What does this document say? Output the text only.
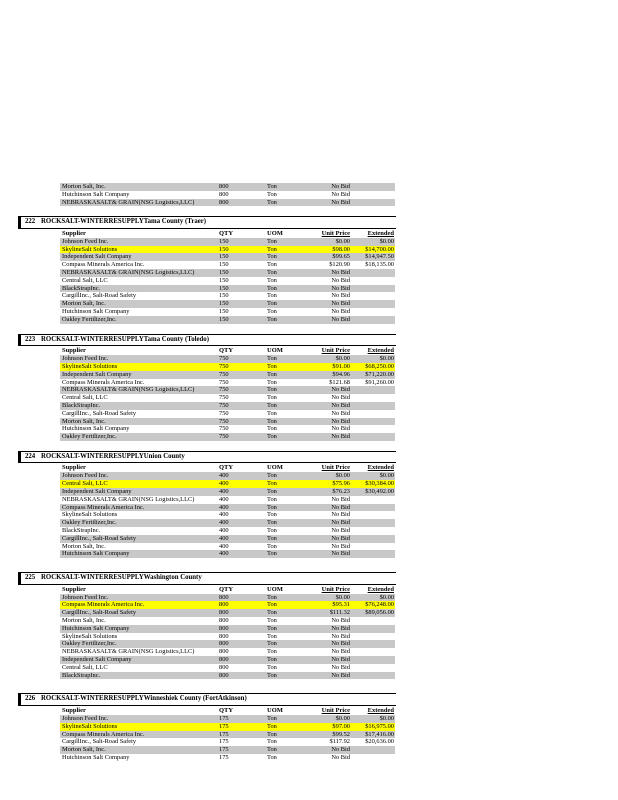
Morton Salt, Inc.	800	Ton	No Bid
Hutchinson Salt Company	800	Ton	No Bid
NEBRASKASALT& GRAIN(NSG Logistics,LLC)	800	Ton	No Bid
222 ROCKSALT-WINTERRESUPPLYTama County (Traer)
Supplier	QTY	UOM	Unit Price	Extended
Johnson Feed Inc.	150	Ton	$0.00	$0.00
SkylineSalt Solutions	150	Ton	$98.00	$14,700.00
Independent Salt Company	150	Ton	$99.65	$14,947.50
Compass Minerals America Inc.	150	Ton	$120.90	$18,135.00
NEBRASKASALT& GRAIN(NSG Logistics,LLC)	150	Ton	No Bid
Central Salt, LLC	150	Ton	No Bid
BlackStrapInc.	150	Ton	No Bid
CargillInc., Salt-Road Safety	150	Ton	No Bid
Morton Salt, Inc.	150	Ton	No Bid
Hutchinson Salt Company	150	Ton	No Bid
Oakley Fertilizer,Inc.	150	Ton	No Bid
223 ROCKSALT-WINTERRESUPPLYTama County (Toledo)
Supplier	QTY	UOM	Unit Price	Extended
Johnson Feed Inc.	750	Ton	$0.00	$0.00
SkylineSalt Solutions	750	Ton	$91.00	$68,250.00
Independent Salt Company	750	Ton	$94.96	$71,220.00
Compass Minerals America Inc.	750	Ton	$121.68	$91,260.00
NEBRASKASALT& GRAIN(NSG Logistics,LLC)	750	Ton	No Bid
Central Salt, LLC	750	Ton	No Bid
BlackStrapInc.	750	Ton	No Bid
CargillInc., Salt-Road Safety	750	Ton	No Bid
Morton Salt, Inc.	750	Ton	No Bid
Hutchinson Salt Company	750	Ton	No Bid
Oakley Fertilizer,Inc.	750	Ton	No Bid
224 ROCKSALT-WINTERRESUPPLYUnion County
Supplier	QTY	UOM	Unit Price	Extended
Johnson Feed Inc.	400	Ton	$0.00	$0.00
Central Salt, LLC	400	Ton	$75.96	$30,384.00
Independent Salt Company	400	Ton	$76.23	$30,492.00
NEBRASKASALT& GRAIN(NSG Logistics,LLC)	400	Ton	No Bid
Compass Minerals America Inc.	400	Ton	No Bid
SkylineSalt Solutions	400	Ton	No Bid
Oakley Fertilizer,Inc.	400	Ton	No Bid
BlackStrapInc.	400	Ton	No Bid
CargillInc., Salt-Road Safety	400	Ton	No Bid
Morton Salt, Inc.	400	Ton	No Bid
Hutchinson Salt Company	400	Ton	No Bid
225 ROCKSALT-WINTERRESUPPLYWashington County
Supplier	QTY	UOM	Unit Price	Extended
Johnson Feed Inc.	800	Ton	$0.00	$0.00
Compass Minerals America Inc.	800	Ton	$95.31	$76,248.00
CargillInc., Salt-Road Safety	800	Ton	$111.32	$89,056.00
Morton Salt, Inc.	800	Ton	No Bid
Hutchinson Salt Company	800	Ton	No Bid
SkylineSalt Solutions	800	Ton	No Bid
Oakley Fertilizer,Inc.	800	Ton	No Bid
NEBRASKASALT& GRAIN(NSG Logistics,LLC)	800	Ton	No Bid
Independent Salt Company	800	Ton	No Bid
Central Salt, LLC	800	Ton	No Bid
BlackStrapInc.	800	Ton	No Bid
226 ROCKSALT-WINTERRESUPPLYWinneshiek County (FortAtkinson)
Supplier	QTY	UOM	Unit Price	Extended
Johnson Feed Inc.	175	Ton	$0.00	$0.00
SkylineSalt Solutions	175	Ton	$97.00	$16,975.00
Compass Minerals America Inc.	175	Ton	$99.52	$17,416.00
CargillInc., Salt-Road Safety	175	Ton	$117.92	$20,636.00
Morton Salt, Inc.	175	Ton	No Bid
Hutchinson Salt Company	175	Ton	No Bid
